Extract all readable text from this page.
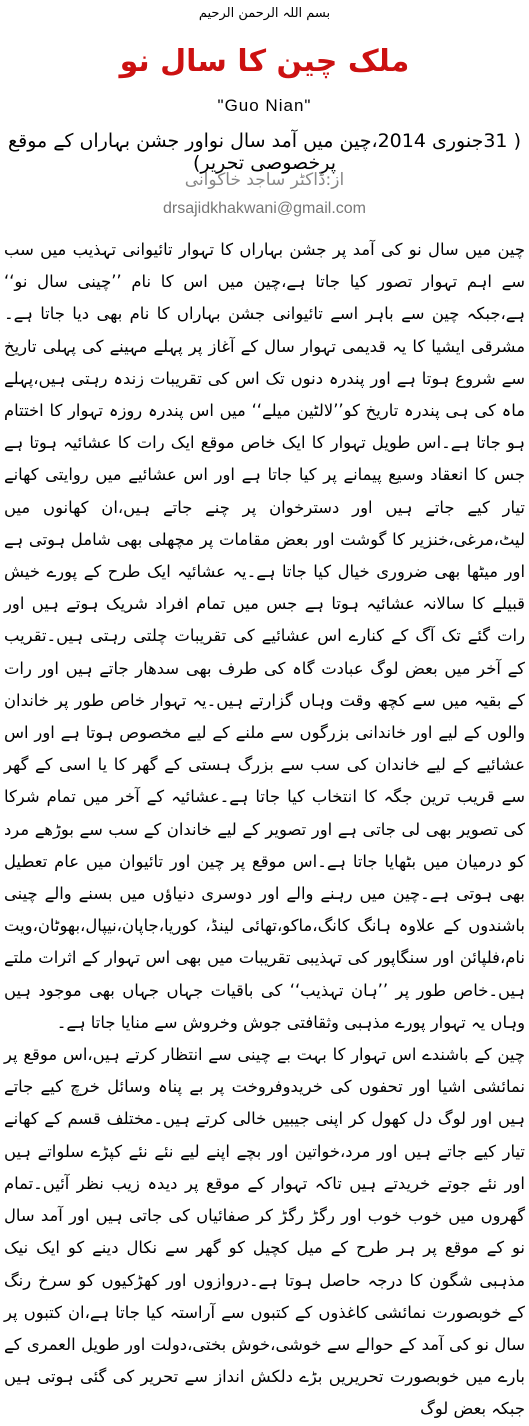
بسم اللہ الرحمن الرحیم
ملک چین کا سال نو
"Guo Nian"
( 31جنوری 2014،چین میں آمد سال نواور جشن بہاراں کے موقع پرخصوصی تحریر)
از:ڈاکٹر ساجد خاکوانی
drsajidkhakwani@gmail.com

چین میں سال نو کی آمد پر جشن بہاراں کا تہوار تائیوانی تہذیب میں سب سے اہم تہوار تصور کیا جاتا ہے،چین میں اس کا نام ’’چینی سال نو‘‘ ہے،جبکہ چین سے باہر اسے تائیوانی جشن بہاراں کا نام بھی دیا جاتا ہے۔مشرقی ایشیا کا یہ قدیمی تہوار سال کے آغاز پر پہلے مہینے کی پہلی تاریخ سے شروع ہوتا ہے اور پندرہ دنوں تک اس کی تقریبات زندہ رہتی ہیں،پہلے ماہ کی ہی پندرہ تاریخ کو’’لالٹین میلے‘‘ میں اس پندرہ روزہ تہوار کا اختتام ہو جاتا ہے۔اس طویل تہوار کا ایک خاص موقع ایک رات کا عشائیہ ہوتا ہے جس کا انعقاد وسیع پیمانے پر کیا جاتا ہے اور اس عشائیے میں روایتی کھانے تیار کیے جاتے ہیں اور دسترخوان پر چنے جاتے ہیں،ان کھانوں میں لیٹ،مرغی،خنزیر کا گوشت اور بعض مقامات پر مچھلی بھی شامل ہوتی ہے اور میٹھا بھی ضروری خیال کیا جاتا ہے۔یہ عشائیہ ایک طرح کے پورے خیش قبیلے کا سالانہ عشائیہ ہوتا ہے جس میں تمام افراد شریک ہوتے ہیں اور رات گئے تک آگ کے کنارے اس عشائیے کی تقریبات چلتی رہتی ہیں۔تقریب کے آخر میں بعض لوگ عبادت گاہ کی طرف بھی سدھار جاتے ہیں اور رات کے بقیہ میں سے کچھ وقت وہاں گزارتے ہیں۔یہ تہوار خاص طور پر خاندان والوں کے لیے اور خاندانی بزرگوں سے ملنے کے لیے مخصوص ہوتا ہے اور اس عشائیے کے لیے خاندان کی سب سے بزرگ ہستی کے گھر کا یا اسی کے گھر سے قریب ترین جگہ کا انتخاب کیا جاتا ہے۔عشائیہ کے آخر میں تمام شرکا کی تصویر بھی لی جاتی ہے اور تصویر کے لیے خاندان کے سب سے بوڑھے مرد کو درمیان میں بٹھایا جاتا ہے۔اس موقع پر چین اور تائیوان میں عام تعطیل بھی ہوتی ہے۔چین میں رہنے والے اور دوسری دنیاؤں میں بسنے والے چینی باشندوں کے علاوہ ہانگ کانگ،ماکو،تھائی لینڈ، کوریا،جاپان،نیپال،بھوٹان،ویت نام،فلپائن اور سنگاپور کی تہذیبی تقریبات میں بھی اس تہوار کے اثرات ملتے ہیں۔خاص طور پر ’’ہان تہذیب‘‘ کی باقیات جہاں جہاں بھی موجود ہیں وہاں یہ تہوار پورے مذہبی وثقافتی جوش وخروش سے منایا جاتا ہے۔

چین کے باشندے اس تہوار کا بہت بے چینی سے انتظار کرتے ہیں،اس موقع پر نمائشی اشیا اور تحفوں کی خریدوفروخت پر بے پناہ وسائل خرچ کیے جاتے ہیں اور لوگ دل کھول کر اپنی جیبیں خالی کرتے ہیں۔مختلف قسم کے کھانے تیار کیے جاتے ہیں اور مرد،خواتین اور بچے اپنے لیے نئے نئے کپڑے سلواتے ہیں اور نئے جوتے خریدتے ہیں تاکہ تہوار کے موقع پر دیدہ زیب نظر آئیں۔تمام گھروں میں خوب خوب اور رگڑ رگڑ کر صفائیاں کی جاتی ہیں اور آمد سال نو کے موقع پر ہر طرح کے میل کچیل کو گھر سے نکال دینے کو ایک نیک مذہبی شگون کا درجہ حاصل ہوتا ہے۔دروازوں اور کھڑکیوں کو سرخ رنگ کے خوبصورت نمائشی کاغذوں کے کتبوں سے آراستہ کیا جاتا ہے،ان کتبوں پر سال نو کی آمد کے حوالے سے خوشی،خوش بختی،دولت اور طویل العمری کے بارے میں خوبصورت تحریریں بڑے دلکش انداز سے تحریر کی گئی ہوتی ہیں جبکہ بعض لوگ
